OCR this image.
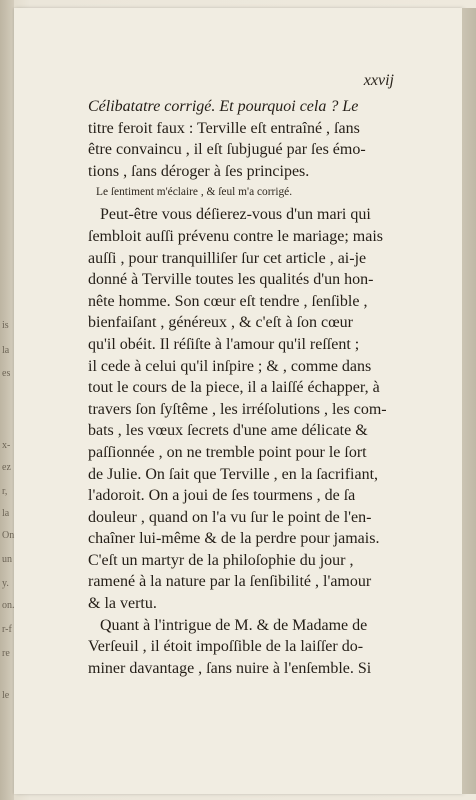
is
la
es
x-
ez
r,
la
On
un
y.
on.
r-f
re
le
xxvij
Célibatatre corrigé. Et pourquoi cela ? Le
titre feroit faux : Terville eſt entraîné , ſans
être convaincu , il eſt ſubjugué par ſes émo-
tions , ſans déroger à ſes principes.
Le ſentiment m'éclaire , & ſeul m'a corrigé.
Peut-être vous déſierez-vous d'un mari qui
ſembloit auſſi prévenu contre le mariage; mais
auſſi , pour tranquilliſer ſur cet article , ai-je
donné à Terville toutes les qualités d'un hon-
nête homme. Son cœur eſt tendre , ſenſible ,
bienfaiſant , généreux , & c'eſt à ſon cœur
qu'il obéit. Il réſiſte à l'amour qu'il reſſent ;
il cede à celui qu'il inſpire ; & , comme dans
tout le cours de la piece, il a laiſſé échapper, à
travers ſon ſyſtême , les irréſolutions , les com-
bats , les vœux ſecrets d'une ame délicate &
paſſionnée , on ne tremble point pour le ſort
de Julie. On ſait que Terville , en la ſacrifiant,
l'adoroit. On a joui de ſes tourmens , de ſa
douleur , quand on l'a vu ſur le point de l'en-
chaîner lui-même & de la perdre pour jamais.
C'eſt un martyr de la philoſophie du jour ,
ramené à la nature par la ſenſibilité , l'amour
& la vertu.
Quant à l'intrigue de M. & de Madame de
Verſeuil , il étoit impoſſible de la laiſſer do-
miner davantage , ſans nuire à l'enſemble. Si
